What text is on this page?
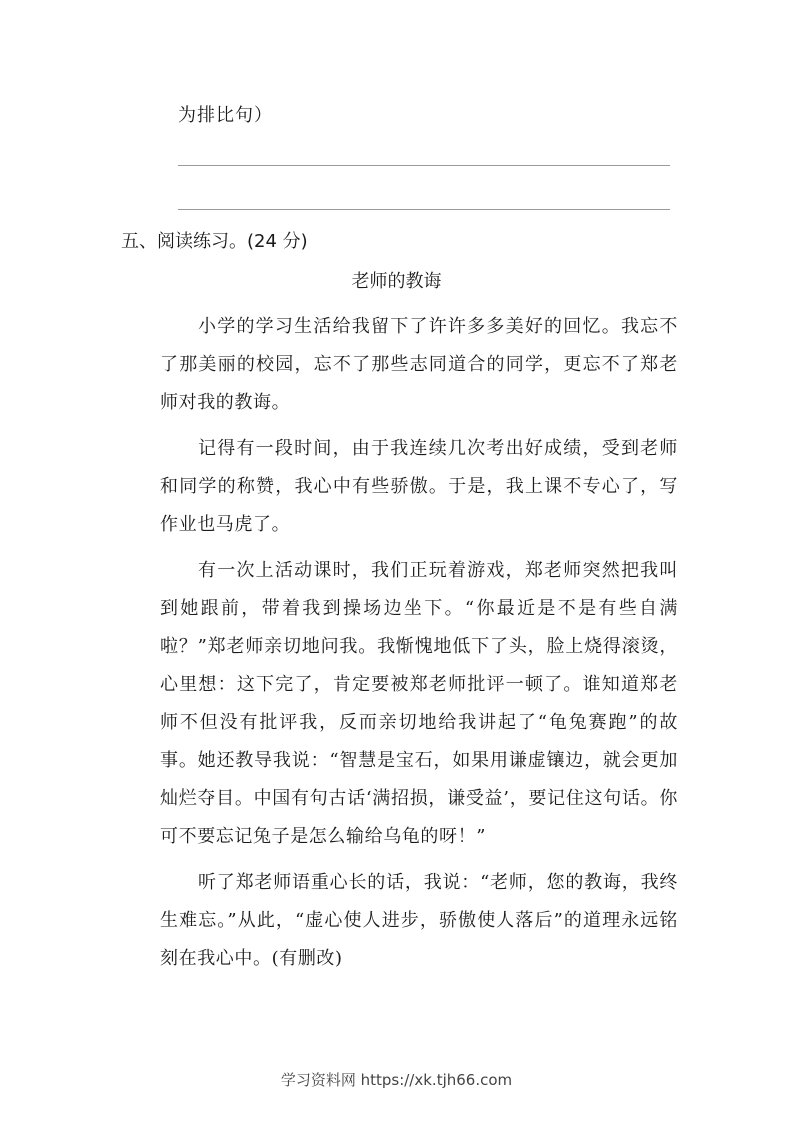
为排比句）
五、阅读练习。(24 分)
老师的教诲

小学的学习生活给我留下了许许多多美好的回忆。我忘不了那美丽的校园，忘不了那些志同道合的同学，更忘不了郑老师对我的教诲。

记得有一段时间，由于我连续几次考出好成绩，受到老师和同学的称赞，我心中有些骄傲。于是，我上课不专心了，写作业也马虎了。

有一次上活动课时，我们正玩着游戏，郑老师突然把我叫到她跟前，带着我到操场边坐下。“你最近是不是有些自满啦？”郑老师亲切地问我。我惭愧地低下了头，脸上烧得滚烫，心里想：这下完了，肯定要被郑老师批评一顿了。谁知道郑老师不但没有批评我，反而亲切地给我讲起了“龟兔赛跑”的故事。她还教导我说：“智慧是宝石，如果用谦虚镶边，就会更加灿烂夺目。中国有句古话‘满招损，谦受益’，要记住这句话。你可不要忘记兔子是怎么输给乌龟的呀！”

听了郑老师语重心长的话，我说：“老师，您的教诲，我终生难忘。”从此，“虚心使人进步，骄傲使人落后”的道理永远铭刻在我心中。(有删改)

学习资料网 https://xk.tjh66.com
